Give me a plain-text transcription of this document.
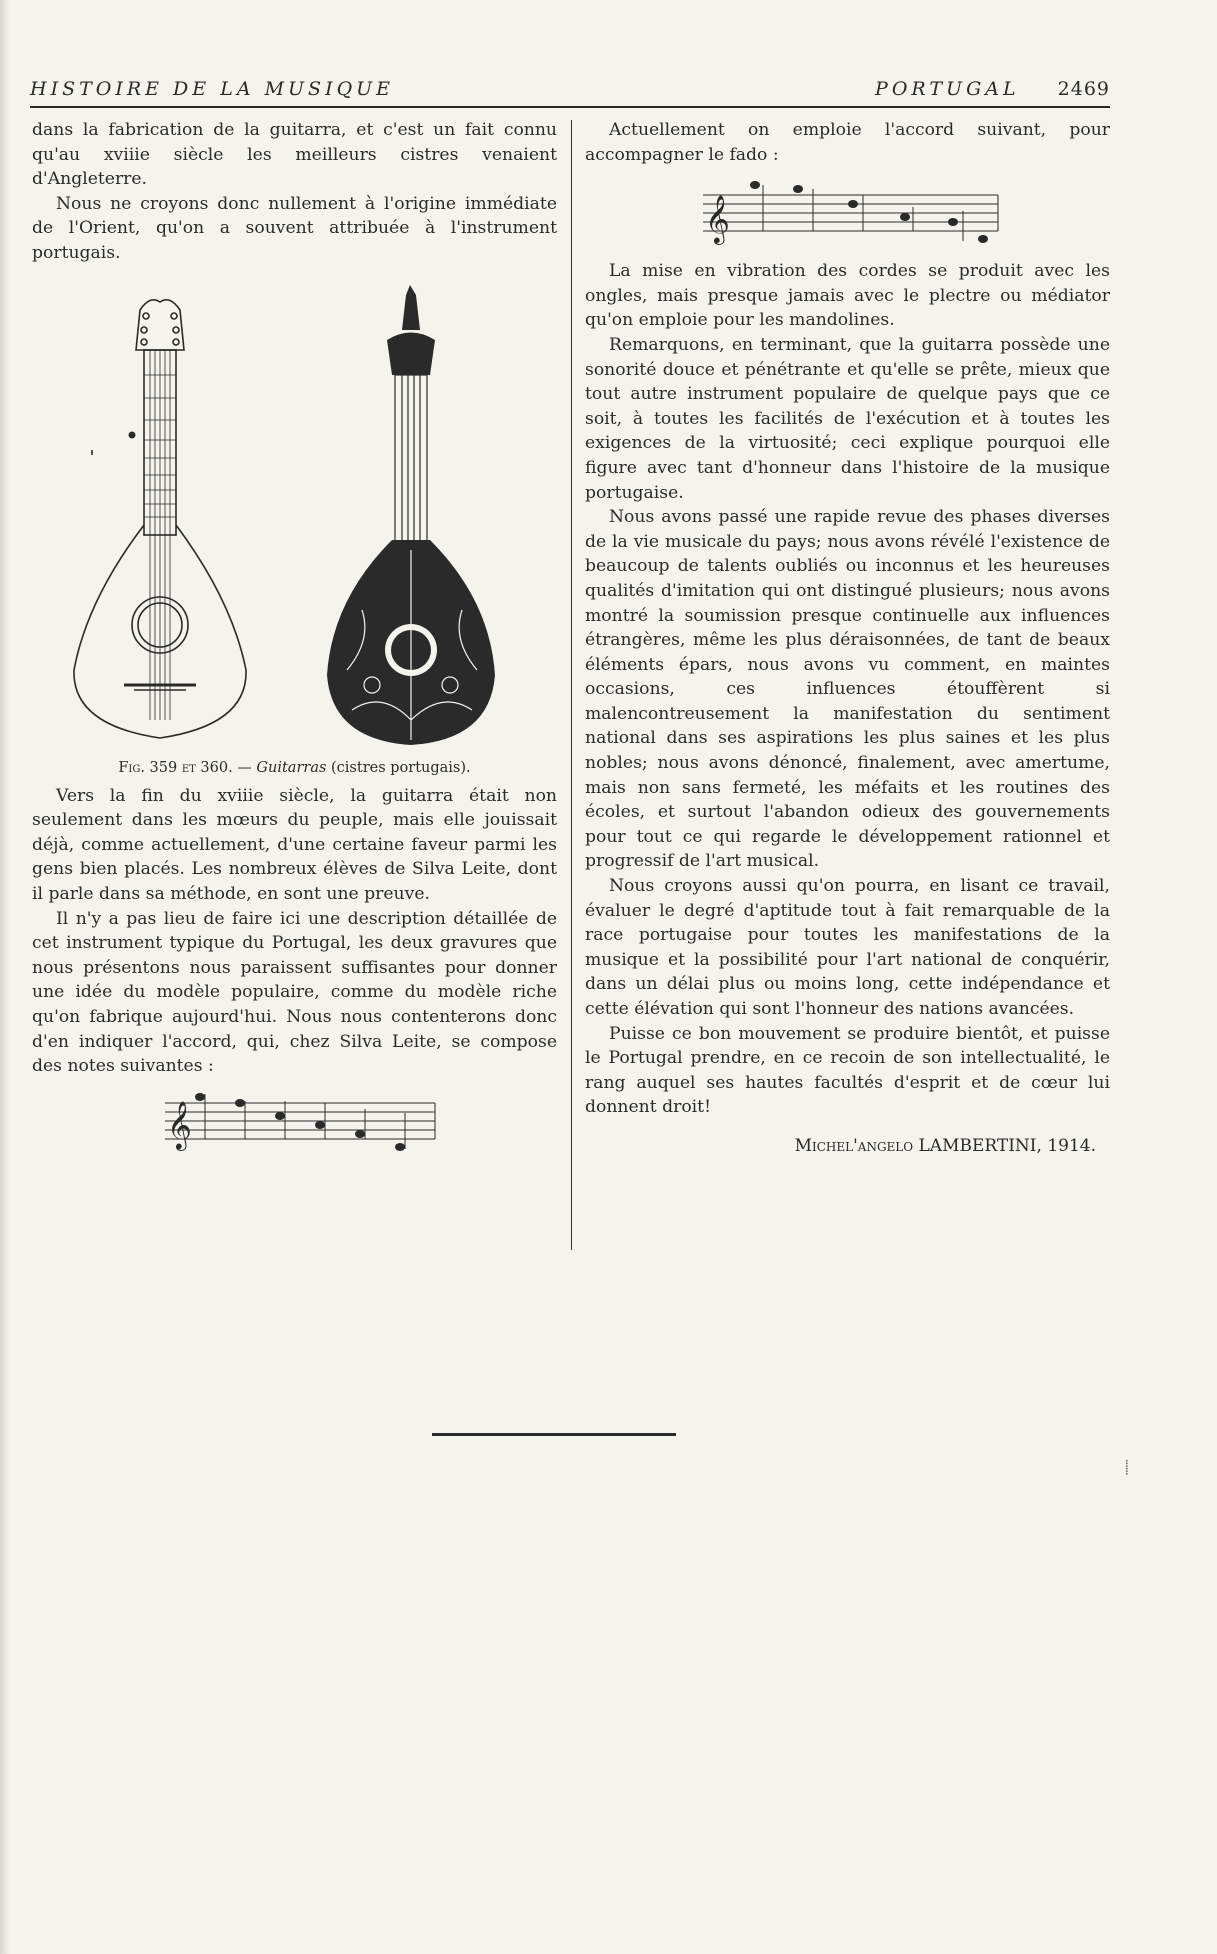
HISTOIRE DE LA MUSIQUE	PORTUGAL 2469

dans la fabrication de la guitarra, et c'est un fait connu qu'au xviiie siècle les meilleurs cistres venaient d'Angleterre.

Nous ne croyons donc nullement à l'origine immédiate de l'Orient, qu'on a souvent attribuée à l'instrument portugais.

Fig. 359 et 360. — Guitarras (cistres portugais).

Vers la fin du xviiie siècle, la guitarra était non seulement dans les mœurs du peuple, mais elle jouissait déjà, comme actuellement, d'une certaine faveur parmi les gens bien placés. Les nombreux élèves de Silva Leite, dont il parle dans sa méthode, en sont une preuve.

Il n'y a pas lieu de faire ici une description détaillée de cet instrument typique du Portugal, les deux gravures que nous présentons nous paraissent suffisantes pour donner une idée du modèle populaire, comme du modèle riche qu'on fabrique aujourd'hui. Nous nous contenterons donc d'en indiquer l'accord, qui, chez Silva Leite, se compose des notes suivantes :

𝄞

Actuellement on emploie l'accord suivant, pour accompagner le fado :

𝄞

La mise en vibration des cordes se produit avec les ongles, mais presque jamais avec le plectre ou médiator qu'on emploie pour les mandolines.

Remarquons, en terminant, que la guitarra possède une sonorité douce et pénétrante et qu'elle se prête, mieux que tout autre instrument populaire de quelque pays que ce soit, à toutes les facilités de l'exécution et à toutes les exigences de la virtuosité; ceci explique pourquoi elle figure avec tant d'honneur dans l'histoire de la musique portugaise.

Nous avons passé une rapide revue des phases diverses de la vie musicale du pays; nous avons révélé l'existence de beaucoup de talents oubliés ou inconnus et les heureuses qualités d'imitation qui ont distingué plusieurs; nous avons montré la soumission presque continuelle aux influences étrangères, même les plus déraisonnées, de tant de beaux éléments épars, nous avons vu comment, en maintes occasions, ces influences étouffèrent si malencontreusement la manifestation du sentiment national dans ses aspirations les plus saines et les plus nobles; nous avons dénoncé, finalement, avec amertume, mais non sans fermeté, les méfaits et les routines des écoles, et surtout l'abandon odieux des gouvernements pour tout ce qui regarde le développement rationnel et progressif de l'art musical.

Nous croyons aussi qu'on pourra, en lisant ce travail, évaluer le degré d'aptitude tout à fait remarquable de la race portugaise pour toutes les manifestations de la musique et la possibilité pour l'art national de conquérir, dans un délai plus ou moins long, cette indépendance et cette élévation qui sont l'honneur des nations avancées.

Puisse ce bon mouvement se produire bientôt, et puisse le Portugal prendre, en ce recoin de son intellectualité, le rang auquel ses hautes facultés d'esprit et de cœur lui donnent droit!

Michel'angelo LAMBERTINI, 1914.
⸽
